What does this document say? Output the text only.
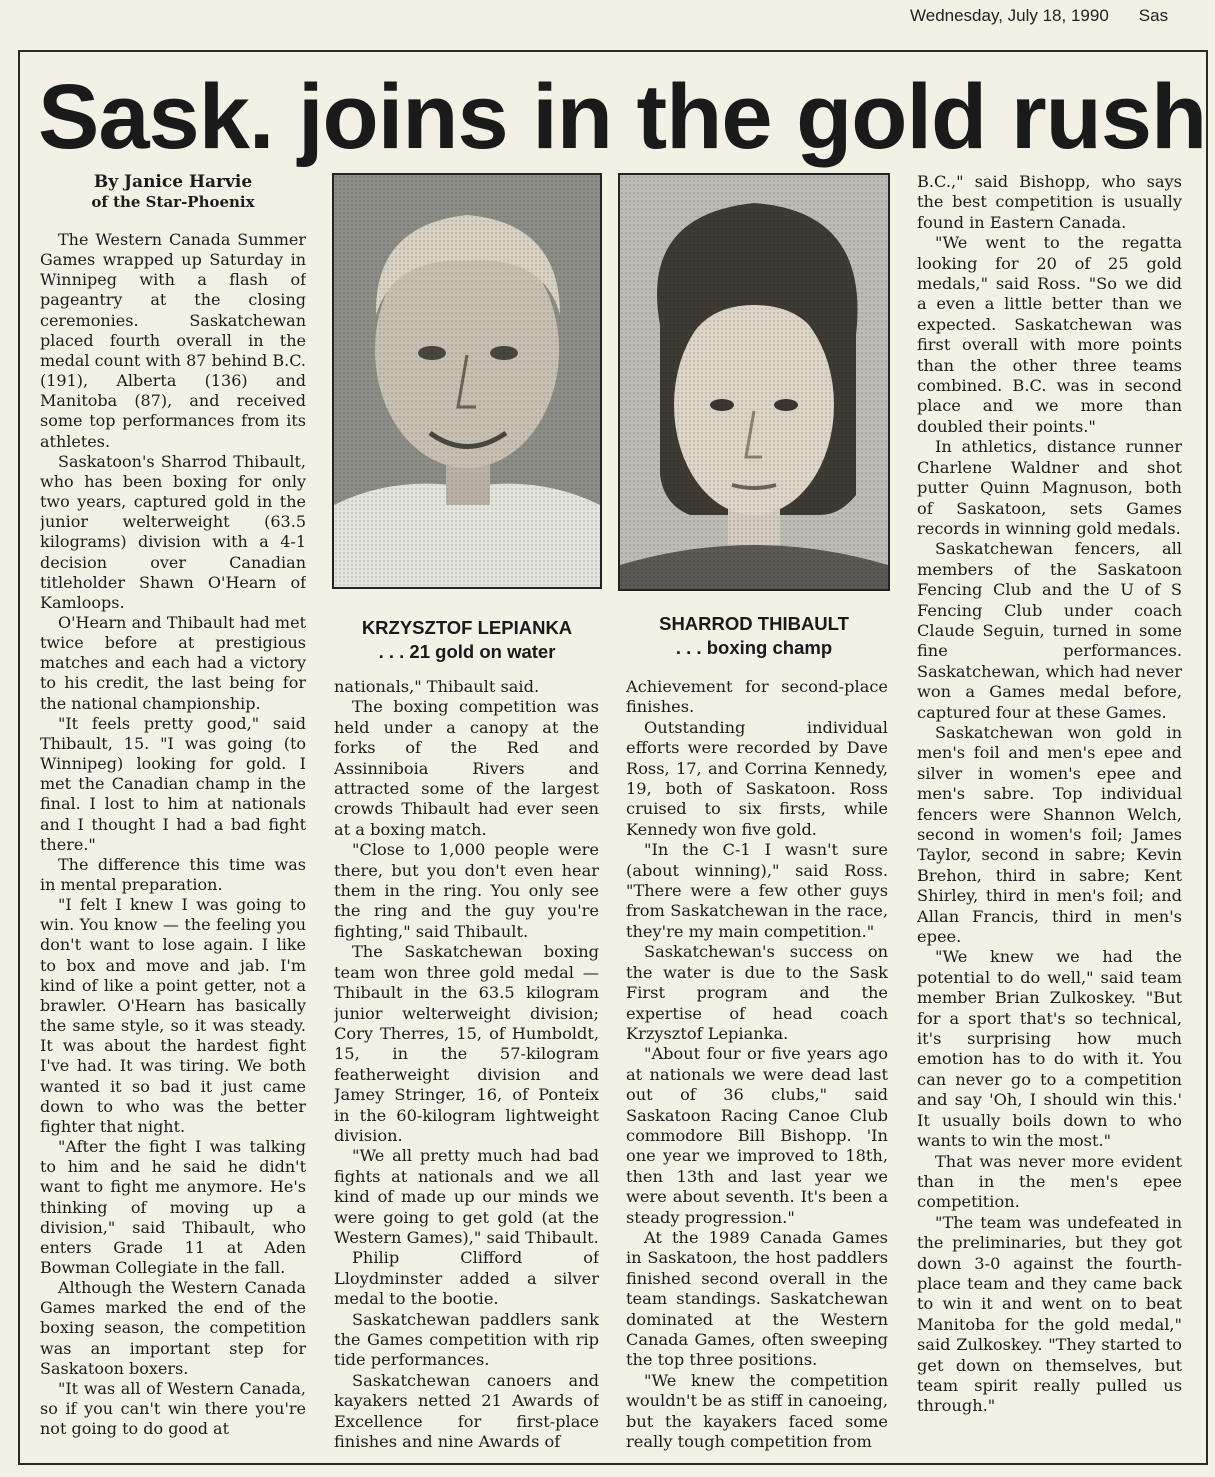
Wednesday, July 18, 1990 Sas
Sask. joins in the gold rush
By Janice Harvie
of the Star-Phoenix

The Western Canada Summer Games wrapped up Saturday in Winnipeg with a flash of pageantry at the closing ceremonies. Saskatchewan placed fourth overall in the medal count with 87 behind B.C. (191), Alberta (136) and Manitoba (87), and received some top performances from its athletes.

Saskatoon's Sharrod Thibault, who has been boxing for only two years, captured gold in the junior welterweight (63.5 kilograms) division with a 4-1 decision over Canadian titleholder Shawn O'Hearn of Kamloops.

O'Hearn and Thibault had met twice before at prestigious matches and each had a victory to his credit, the last being for the national championship.

"It feels pretty good," said Thibault, 15. "I was going (to Winnipeg) looking for gold. I met the Canadian champ in the final. I lost to him at nationals and I thought I had a bad fight there."

The difference this time was in mental preparation.

"I felt I knew I was going to win. You know — the feeling you don't want to lose again. I like to box and move and jab. I'm kind of like a point getter, not a brawler. O'Hearn has basically the same style, so it was steady. It was about the hardest fight I've had. It was tiring. We both wanted it so bad it just came down to who was the better fighter that night.

"After the fight I was talking to him and he said he didn't want to fight me anymore. He's thinking of moving up a division," said Thibault, who enters Grade 11 at Aden Bowman Collegiate in the fall.

Although the Western Canada Games marked the end of the boxing season, the competition was an important step for Saskatoon boxers.

"It was all of Western Canada, so if you can't win there you're not going to do good at

KRZYSZTOF LEPIANKA
. . . 21 gold on water
SHARROD THIBAULT
. . . boxing champ

nationals," Thibault said.

The boxing competition was held under a canopy at the forks of the Red and Assinniboia Rivers and attracted some of the largest crowds Thibault had ever seen at a boxing match.

"Close to 1,000 people were there, but you don't even hear them in the ring. You only see the ring and the guy you're fighting," said Thibault.

The Saskatchewan boxing team won three gold medal — Thibault in the 63.5 kilogram junior welterweight division; Cory Therres, 15, of Humboldt, 15, in the 57-kilogram featherweight division and Jamey Stringer, 16, of Ponteix in the 60-kilogram lightweight division.

"We all pretty much had bad fights at nationals and we all kind of made up our minds we were going to get gold (at the Western Games)," said Thibault.

Philip Clifford of Lloydminster added a silver medal to the bootie.

Saskatchewan paddlers sank the Games competition with rip tide performances.

Saskatchewan canoers and kayakers netted 21 Awards of Excellence for first-place finishes and nine Awards of

Achievement for second-place finishes.

Outstanding individual efforts were recorded by Dave Ross, 17, and Corrina Kennedy, 19, both of Saskatoon. Ross cruised to six firsts, while Kennedy won five gold.

"In the C-1 I wasn't sure (about winning)," said Ross. "There were a few other guys from Saskatchewan in the race, they're my main competition."

Saskatchewan's success on the water is due to the Sask First program and the expertise of head coach Krzysztof Lepianka.

"About four or five years ago at nationals we were dead last out of 36 clubs," said Saskatoon Racing Canoe Club commodore Bill Bishopp. 'In one year we improved to 18th, then 13th and last year we were about seventh. It's been a steady progression."

At the 1989 Canada Games in Saskatoon, the host paddlers finished second overall in the team standings. Saskatchewan dominated at the Western Canada Games, often sweeping the top three positions.

"We knew the competition wouldn't be as stiff in canoeing, but the kayakers faced some really tough competition from

B.C.," said Bishopp, who says the best competition is usually found in Eastern Canada.

"We went to the regatta looking for 20 of 25 gold medals," said Ross. "So we did a even a little better than we expected. Saskatchewan was first overall with more points than the other three teams combined. B.C. was in second place and we more than doubled their points."

In athletics, distance runner Charlene Waldner and shot putter Quinn Magnuson, both of Saskatoon, sets Games records in winning gold medals.

Saskatchewan fencers, all members of the Saskatoon Fencing Club and the U of S Fencing Club under coach Claude Seguin, turned in some fine performances. Saskatchewan, which had never won a Games medal before, captured four at these Games.

Saskatchewan won gold in men's foil and men's epee and silver in women's epee and men's sabre. Top individual fencers were Shannon Welch, second in women's foil; James Taylor, second in sabre; Kevin Brehon, third in sabre; Kent Shirley, third in men's foil; and Allan Francis, third in men's epee.

"We knew we had the potential to do well," said team member Brian Zulkoskey. "But for a sport that's so technical, it's surprising how much emotion has to do with it. You can never go to a competition and say 'Oh, I should win this.' It usually boils down to who wants to win the most."

That was never more evident than in the men's epee competition.

"The team was undefeated in the preliminaries, but they got down 3-0 against the fourth-place team and they came back to win it and went on to beat Manitoba for the gold medal," said Zulkoskey. "They started to get down on themselves, but team spirit really pulled us through."
